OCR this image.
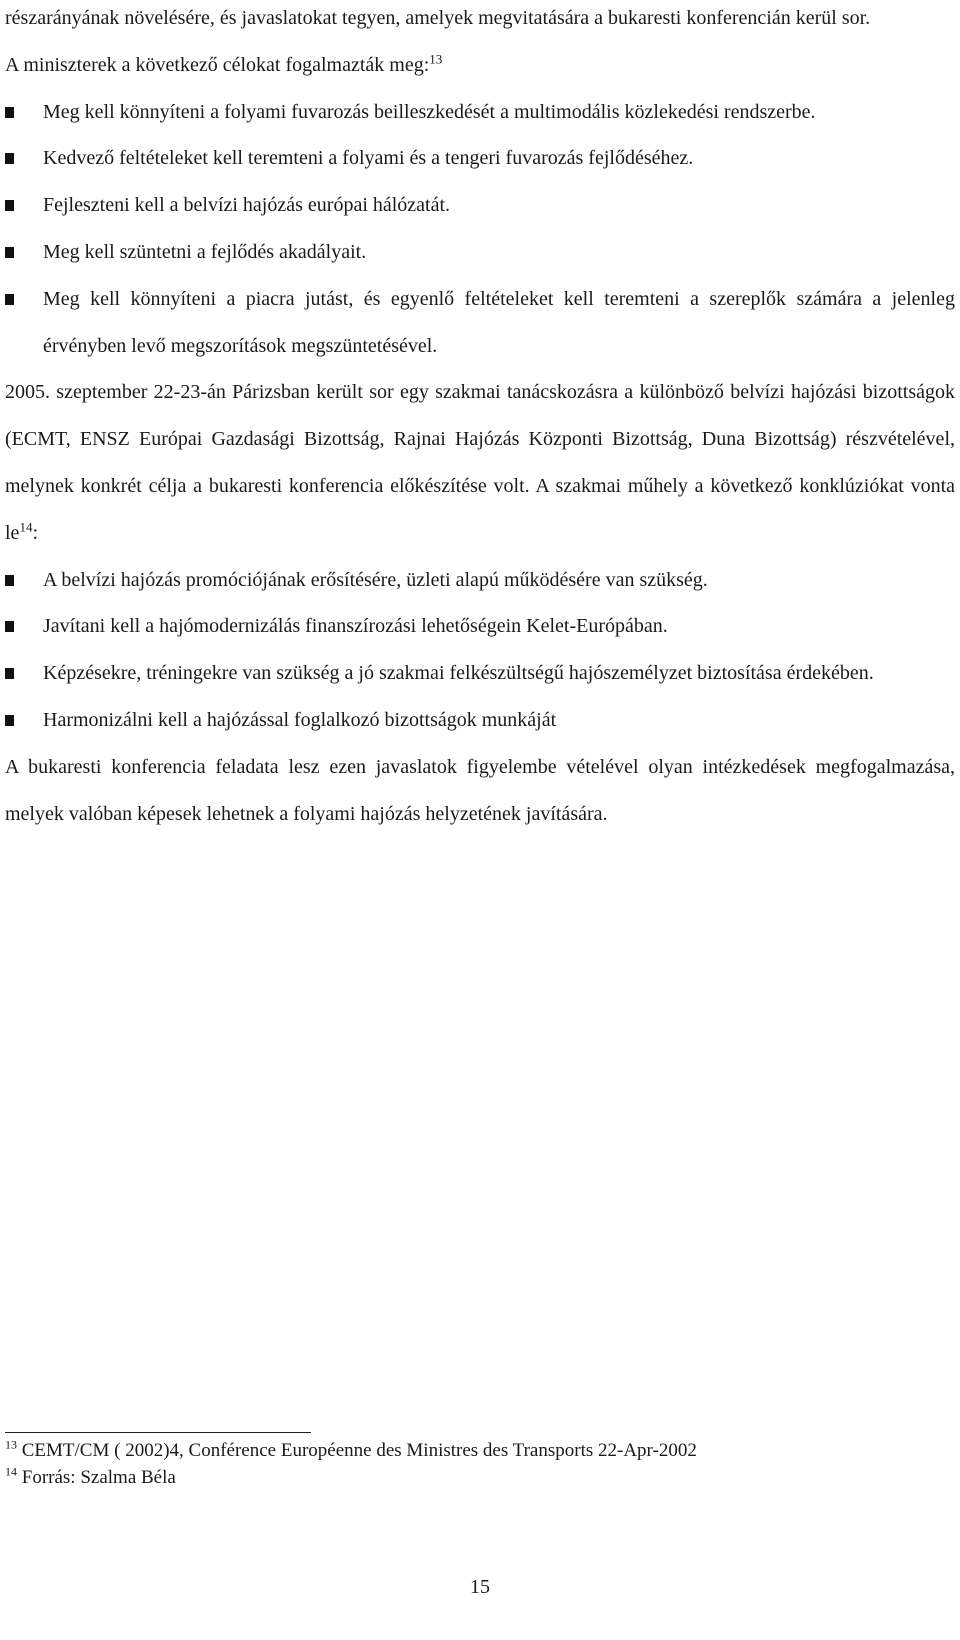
részarányának növelésére, és javaslatokat tegyen, amelyek megvitatására a bukaresti konferencián kerül sor.

A miniszterek a következő célokat fogalmazták meg:$^{13}$

Meg kell könnyíteni a folyami fuvarozás beilleszkedését a multimodális közlekedési rendszerbe.
Kedvező feltételeket kell teremteni a folyami és a tengeri fuvarozás fejlődéséhez.
Fejleszteni kell a belvízi hajózás európai hálózatát.
Meg kell szüntetni a fejlődés akadályait.
Meg kell könnyíteni a piacra jutást, és egyenlő feltételeket kell teremteni a szereplők számára a jelenleg érvényben levő megszorítások megszüntetésével.

2005. szeptember 22-23-án Párizsban került sor egy szakmai tanácskozásra a különböző belvízi hajózási bizottságok (ECMT, ENSZ Európai Gazdasági Bizottság, Rajnai Hajózás Központi Bizottság, Duna Bizottság) részvételével, melynek konkrét célja a bukaresti konferencia előkészítése volt. A szakmai műhely a következő konklúziókat vonta $le^{14}$:

A belvízi hajózás promóciójának erősítésére, üzleti alapú működésére van szükség.
Javítani kell a hajómodernizálás finanszírozási lehetőségein Kelet-Európában.
Képzésekre, tréningekre van szükség a jó szakmai felkészültségű hajószemélyzet biztosítása érdekében.
Harmonizálni kell a hajózással foglalkozó bizottságok munkáját

A bukaresti konferencia feladata lesz ezen javaslatok figyelembe vételével olyan intézkedések megfogalmazása, melyek valóban képesek lehetnek a folyami hajózás helyzetének javítására.

$^{13}$ CEMT/CM ( 2002)4, Conférence Européenne des Ministres des Transports 22-Apr-2002
$^{14}$ Forrás: Szalma Béla
15
